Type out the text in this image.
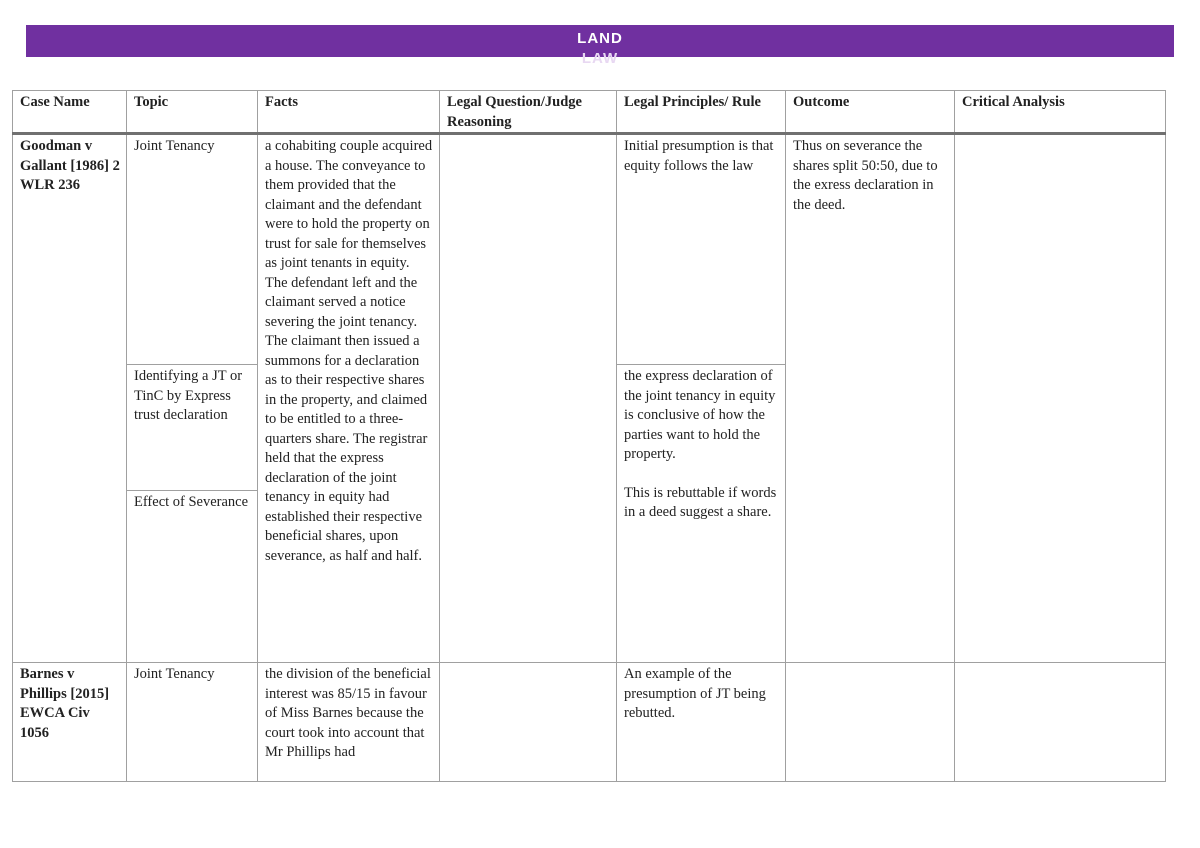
LAND
LAW
Case Name	Topic	Facts	Legal Question/Judge Reasoning	Legal Principles/ Rule	Outcome	Critical Analysis
Goodman v Gallant [1986] 2 WLR 236	Joint Tenancy	a cohabiting couple acquired a house. The conveyance to them provided that the claimant and the defendant were to hold the property on trust for sale for themselves as joint tenants in equity. The defendant left and the claimant served a notice severing the joint tenancy. The claimant then issued a summons for a declaration as to their respective shares in the property, and claimed to be entitled to a three-quarters share. The registrar held that the express declaration of the joint tenancy in equity had established their respective beneficial shares, upon severance, as half and half.		Initial presumption is that equity follows the law	Thus on severance the shares split 50:50, due to the exress declaration in the deed.	
	Identifying a JT or TinC by Express trust declaration			the express declaration of the joint tenancy in equity is conclusive of how the parties want to hold the property.
This is rebuttable if words in a deed suggest a share.		

	Effect of Severance					
Barnes v Phillips [2015] EWCA Civ 1056	Joint Tenancy	the division of the beneficial interest was 85/15 in favour of Miss Barnes because the court took into account that Mr Phillips had		An example of the presumption of JT being rebutted.		
